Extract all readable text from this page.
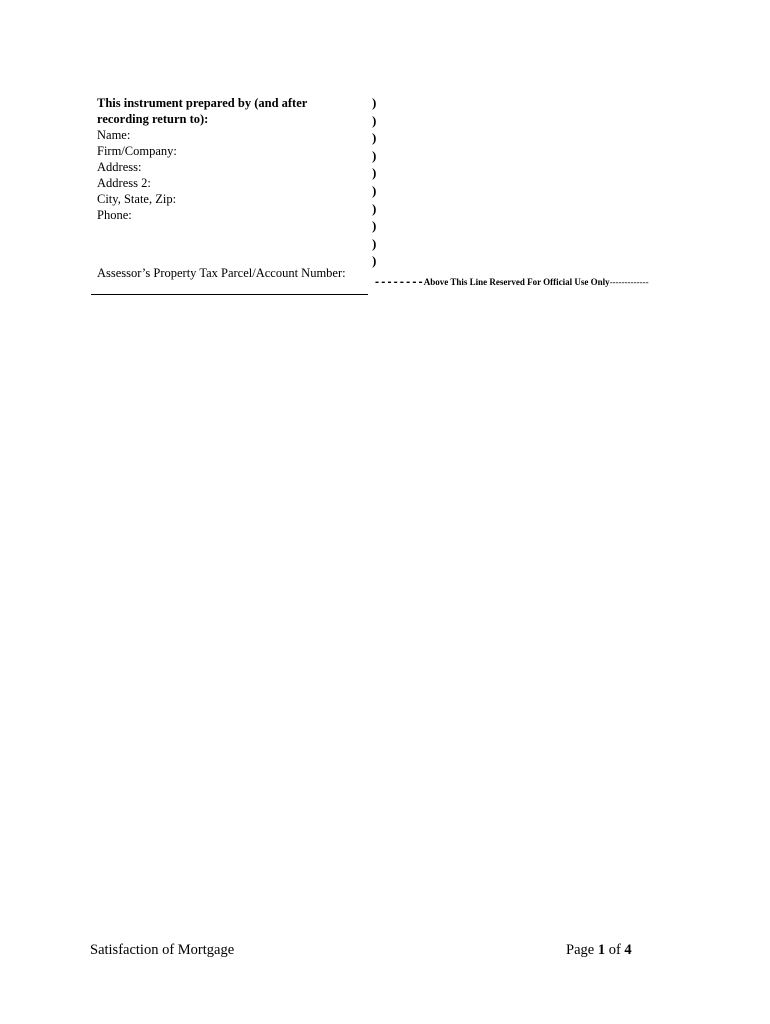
This instrument prepared by (and after recording return to):
Name:
Firm/Company:
Address:
Address 2:
City, State, Zip:
Phone:
Assessor’s Property Tax Parcel/Account Number:
)
)
)
)
)
)
)
)
)
)
--------Above This Line Reserved For Official Use Only-------------
Satisfaction of Mortgage	Page 1 of 4
